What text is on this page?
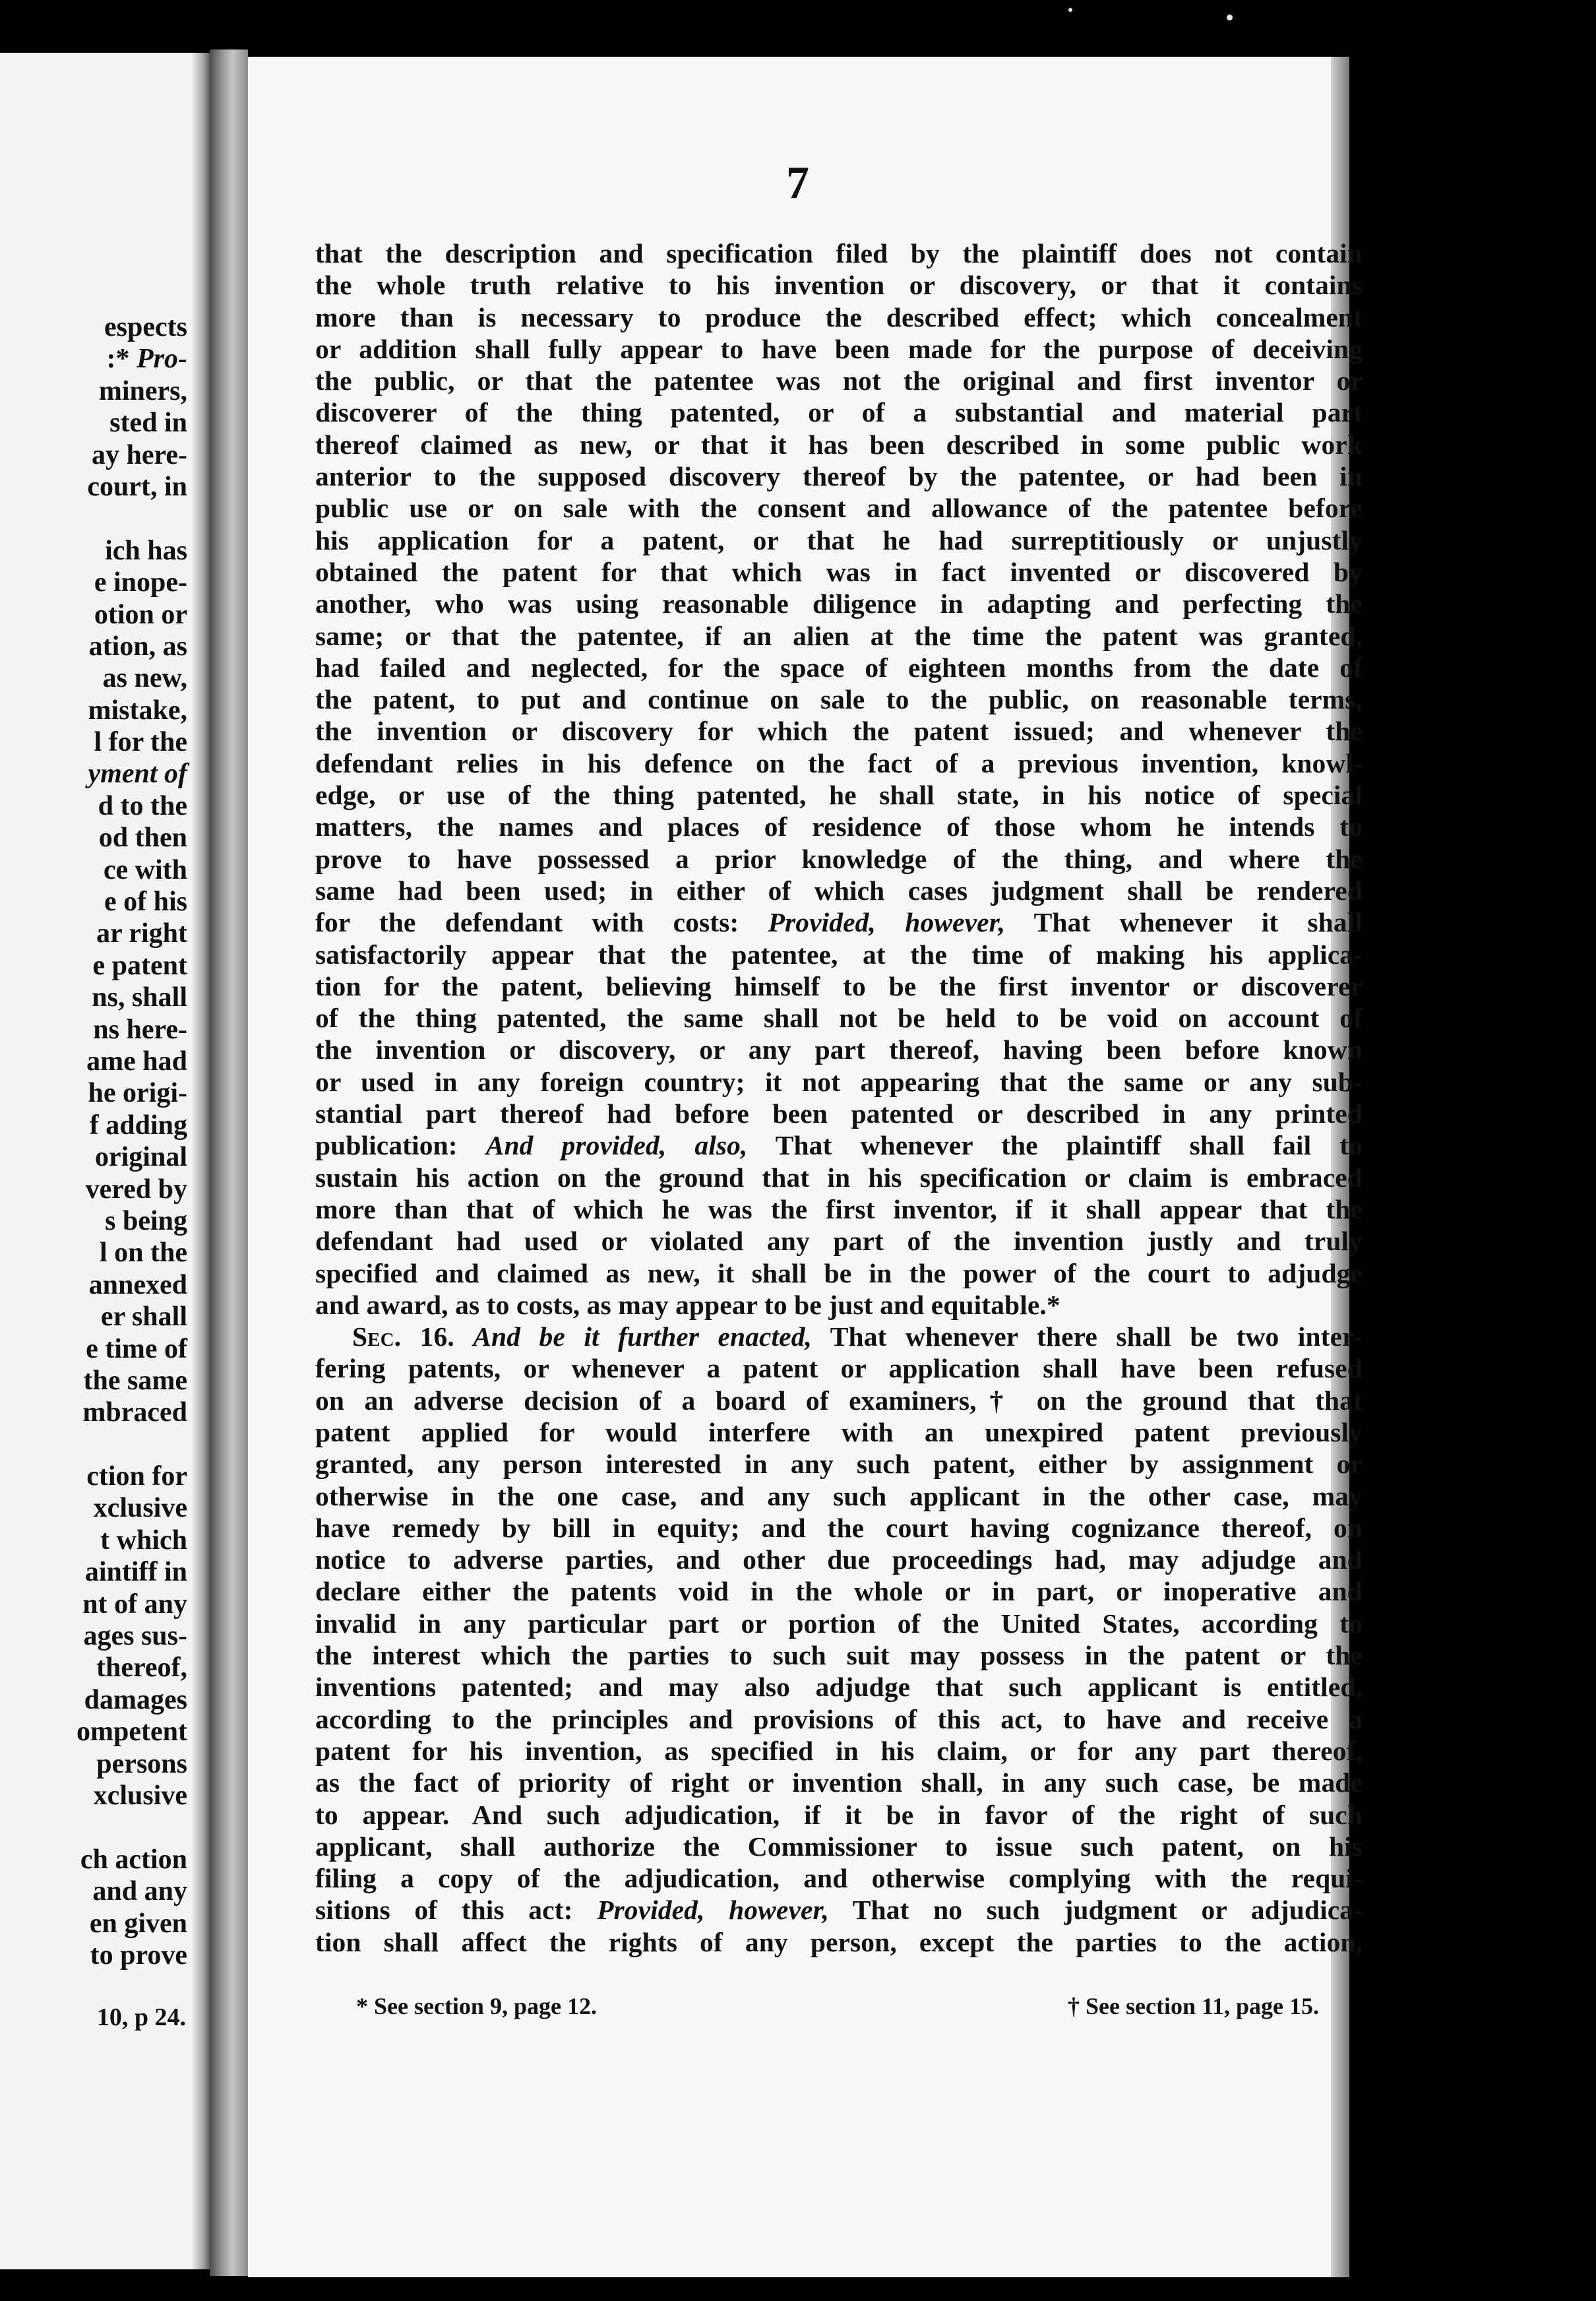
espects
:* Pro-
miners,
sted in
ay here-
court, in
ich has
e inope-
otion or
ation, as
as new,
mistake,
l for the
yment of
d to the
od then
ce with
e of his
ar right
e patent
ns, shall
ns here-
ame had
he origi-
f adding
original
vered by
s being
l on the
annexed
er shall
e time of
the same
mbraced
ction for
xclusive
t which
aintiff in
nt of any
ages sus-
thereof,
damages
ompetent
persons
xclusive
ch action
and any
en given
to prove
10, p 24.
7
that the description and specification filed by the plaintiff does not contain
the whole truth relative to his invention or discovery, or that it contains
more than is necessary to produce the described effect; which concealment
or addition shall fully appear to have been made for the purpose of deceiving
the public, or that the patentee was not the original and first inventor or
discoverer of the thing patented, or of a substantial and material part
thereof claimed as new, or that it has been described in some public work
anterior to the supposed discovery thereof by the patentee, or had been in
public use or on sale with the consent and allowance of the patentee before
his application for a patent, or that he had surreptitiously or unjustly
obtained the patent for that which was in fact invented or discovered by
another, who was using reasonable diligence in adapting and perfecting the
same; or that the patentee, if an alien at the time the patent was granted,
had failed and neglected, for the space of eighteen months from the date of
the patent, to put and continue on sale to the public, on reasonable terms,
the invention or discovery for which the patent issued; and whenever the
defendant relies in his defence on the fact of a previous invention, knowl-
edge, or use of the thing patented, he shall state, in his notice of special
matters, the names and places of residence of those whom he intends to
prove to have possessed a prior knowledge of the thing, and where the
same had been used; in either of which cases judgment shall be rendered
for the defendant with costs: Provided, however, That whenever it shall
satisfactorily appear that the patentee, at the time of making his applica-
tion for the patent, believing himself to be the first inventor or discoverer
of the thing patented, the same shall not be held to be void on account of
the invention or discovery, or any part thereof, having been before known
or used in any foreign country; it not appearing that the same or any sub-
stantial part thereof had before been patented or described in any printed
publication: And provided, also, That whenever the plaintiff shall fail to
sustain his action on the ground that in his specification or claim is embraced
more than that of which he was the first inventor, if it shall appear that the
defendant had used or violated any part of the invention justly and truly
specified and claimed as new, it shall be in the power of the court to adjudge
and award, as to costs, as may appear to be just and equitable.*
Sec. 16. And be it further enacted, That whenever there shall be two inter-
fering patents, or whenever a patent or application shall have been refused
on an adverse decision of a board of examiners,† on the ground that that
patent applied for would interfere with an unexpired patent previously
granted, any person interested in any such patent, either by assignment or
otherwise in the one case, and any such applicant in the other case, may
have remedy by bill in equity; and the court having cognizance thereof, on
notice to adverse parties, and other due proceedings had, may adjudge and
declare either the patents void in the whole or in part, or inoperative and
invalid in any particular part or portion of the United States, according to
the interest which the parties to such suit may possess in the patent or the
inventions patented; and may also adjudge that such applicant is entitled,
according to the principles and provisions of this act, to have and receive a
patent for his invention, as specified in his claim, or for any part thereof,
as the fact of priority of right or invention shall, in any such case, be made
to appear. And such adjudication, if it be in favor of the right of such
applicant, shall authorize the Commissioner to issue such patent, on his
filing a copy of the adjudication, and otherwise complying with the requi-
sitions of this act: Provided, however, That no such judgment or adjudica-
tion shall affect the rights of any person, except the parties to the action,
* See section 9, page 12.	† See section 11, page 15.
